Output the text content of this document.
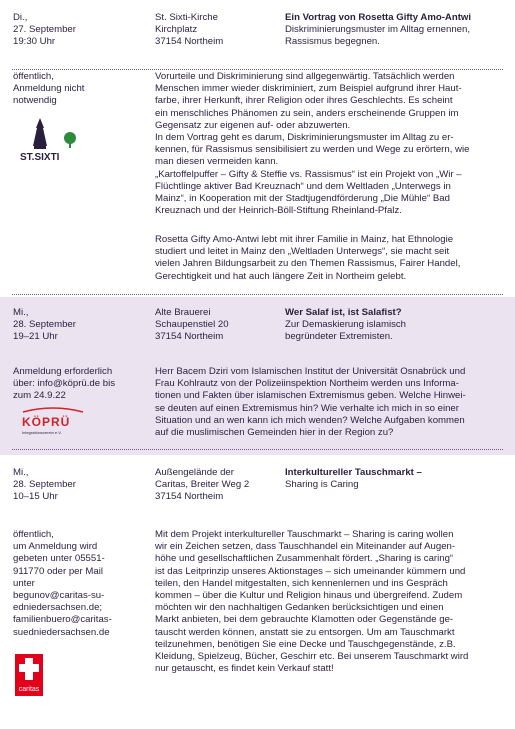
Di.,
27. September
19:30 Uhr

St. Sixti-Kirche
Kirchplatz
37154 Northeim

Ein Vortrag von Rosetta Gifty Amo-Antwi

Diskriminierungsmuster im Alltag ernennen,
Rassismus begegnen.

öffentlich,
Anmeldung nicht
notwendig

ST.SIXTI

Vorurteile und Diskriminierung sind allgegenwärtig. Tatsächlich werden
Menschen immer wieder diskriminiert, zum Beispiel aufgrund ihrer Haut-
farbe, ihrer Herkunft, ihrer Religion oder ihres Geschlechts. Es scheint
ein menschliches Phänomen zu sein, anders erscheinende Gruppen im
Gegensatz zur eigenen auf- oder abzuwerten.
In dem Vortrag geht es darum, Diskriminierungsmuster im Alltag zu er-
kennen, für Rassismus sensibilisiert zu werden und Wege zu erörtern, wie
man diesen vermeiden kann.
„Kartoffelpuffer – Gifty & Steffie vs. Rassismus“ ist ein Projekt von „Wir –
Flüchtlinge aktiver Bad Kreuznach“ und dem Weltladen „Unterwegs in
Mainz“, in Kooperation mit der Stadtjugendförderung „Die Mühle“ Bad
Kreuznach und der Heinrich-Böll-Stiftung Rheinland-Pfalz.

Rosetta Gifty Amo-Antwi lebt mit ihrer Familie in Mainz, hat Ethnologie
studiert und leitet in Mainz den „Weltladen Unterwegs“, sie macht seit
vielen Jahren Bildungsarbeit zu den Themen Rassismus, Fairer Handel,
Gerechtigkeit und hat auch längere Zeit in Northeim gelebt.

Mi.,
28. September
19–21 Uhr

Alte Brauerei
Schaupenstiel 20
37154 Northeim

Wer Salaf ist, ist Salafist?

Zur Demaskierung islamisch
begründeter Extremisten.

Anmeldung erforderlich
über: info@köprü.de bis
zum 24.9.22

KÖPRÜ
Integrationsverein e.V.

Herr Bacem Dziri vom Islamischen Institut der Universität Osnabrück und
Frau Kohlrautz von der Polizeiinspektion Northeim werden uns Informa-
tionen und Fakten über islamischen Extremismus geben. Welche Hinwei-
se deuten auf einen Extremismus hin? Wie verhalte ich mich in so einer
Situation und an wen kann ich mich wenden? Welche Aufgaben kommen
auf die muslimischen Gemeinden hier in der Region zu?

Mi.,
28. September
10–15 Uhr

Außengelände der
Caritas, Breiter Weg 2
37154 Northeim

Interkultureller Tauschmarkt –

Sharing is Caring

öffentlich,
um Anmeldung wird
gebeten unter 05551-
911770 oder per Mail
unter
begunov@caritas-su-
edniedersachsen.de;
familienbuero@caritas-
suedniedersachsen.de

caritas

Mit dem Projekt interkultureller Tauschmarkt – Sharing is caring wollen
wir ein Zeichen setzen, dass Tauschhandel ein Miteinander auf Augen-
höhe und gesellschaftlichen Zusammenhalt fördert. „Sharing is caring“
ist das Leitprinzip unseres Aktionstages – sich umeinander kümmern und
teilen, den Handel mitgestalten, sich kennenlernen und ins Gespräch
kommen – über die Kultur und Religion hinaus und übergreifend. Zudem
möchten wir den nachhaltigen Gedanken berücksichtigen und einen
Markt anbieten, bei dem gebrauchte Klamotten oder Gegenstände ge-
tauscht werden können, anstatt sie zu entsorgen. Um am Tauschmarkt
teilzunehmen, benötigen Sie eine Decke und Tauschgegenstände, z.B.
Kleidung, Spielzeug, Bücher, Geschirr etc. Bei unserem Tauschmarkt wird
nur getauscht, es findet kein Verkauf statt!
